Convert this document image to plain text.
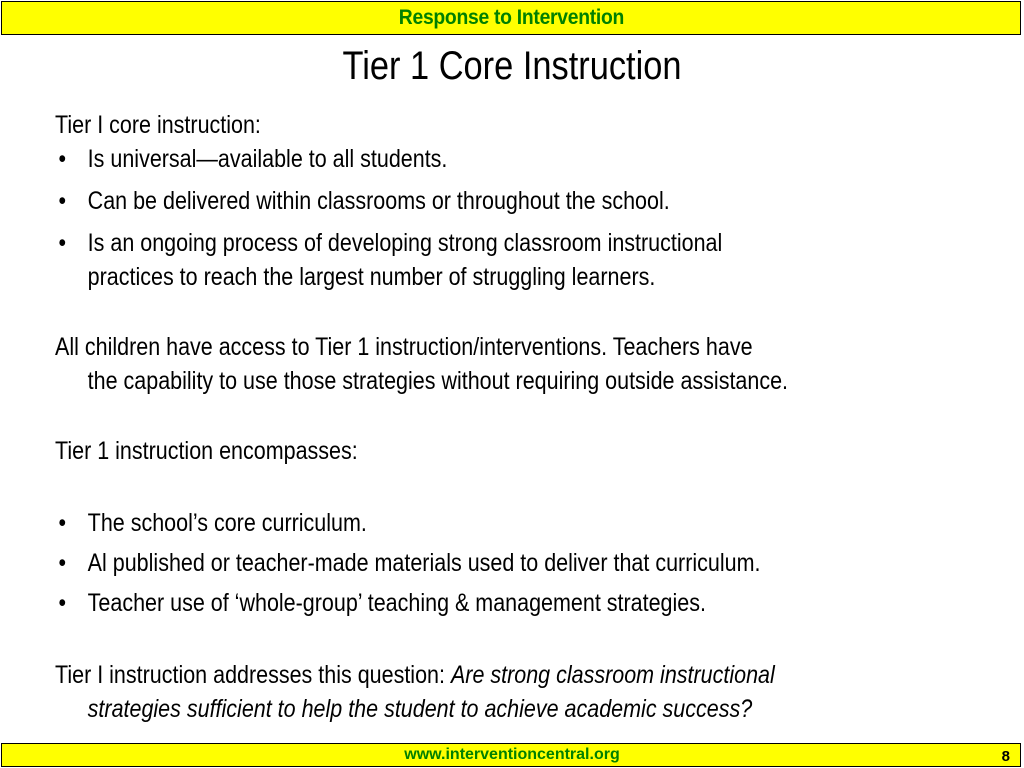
Response to Intervention
Tier 1 Core Instruction

Tier I core instruction:

• Is universal—available to all students.
• Can be delivered within classrooms or throughout the school.
• Is an ongoing process of developing strong classroom instructional
practices to reach the largest number of struggling learners.

All children have access to Tier 1 instruction/interventions. Teachers have

the capability to use those strategies without requiring outside assistance.

Tier 1 instruction encompasses:

• The school’s core curriculum.
• Al published or teacher-made materials used to deliver that curriculum.
• Teacher use of ‘whole-group’ teaching & management strategies.

Tier I instruction addresses this question: Are strong classroom instructional

strategies sufficient to help the student to achieve academic success?

www.interventioncentral.org	8
